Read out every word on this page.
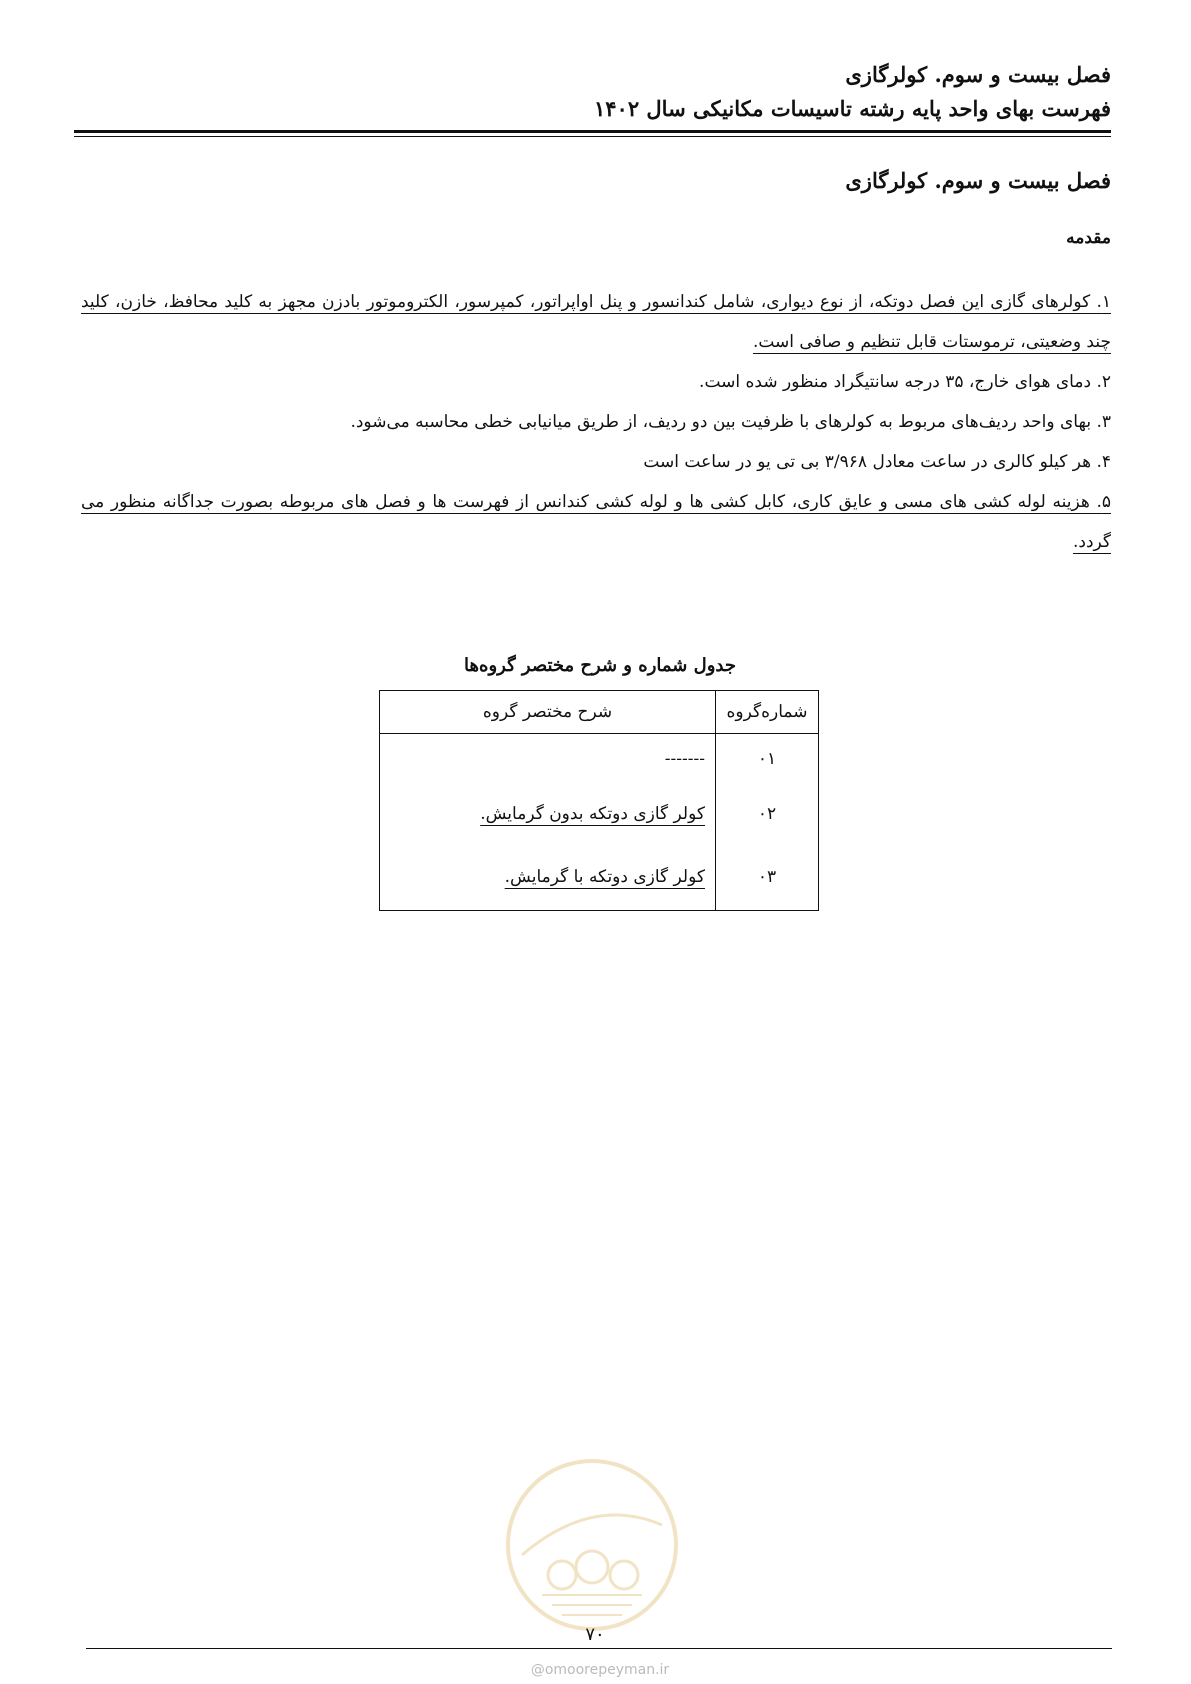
فصل بیست و سوم. کولرگازی
فهرست بهای واحد پایه رشته تاسیسات مکانیکی سال ۱۴۰۲
فصل بیست و سوم. کولرگازی
مقدمه

۱. کولرهای گازی این فصل دوتکه، از نوع دیواری، شامل کندانسور و پنل اواپراتور، کمپرسور، الکتروموتور بادزن مجهز به کلید محافظ، خازن، کلید چند وضعیتی، ترموستات قابل تنظیم و صافی است.

۲. دمای هوای خارج، ۳۵ درجه سانتیگراد منظور شده است.

۳. بهای واحد ردیف‌های مربوط به کولرهای با ظرفیت بین دو ردیف، از طریق میانیابی خطی محاسبه می‌شود.

۴. هر کیلو کالری در ساعت معادل ۳/۹۶۸ بی تی یو در ساعت است

۵. هزینه لوله کشی های مسی و عایق کاری، کابل کشی ها و لوله کشی کندانس از فهرست ها و فصل های مربوطه بصورت جداگانه منظور می گردد.

جدول شماره و شرح مختصر گروه‌ها
شماره‌گروه	شرح مختصر گروه
۰۱	-------
۰۲	کولر گازی دوتکه بدون گرمایش.
۰۳	کولر گازی دوتکه با گرمایش.
۷۰
@omoorepeyman.ir
